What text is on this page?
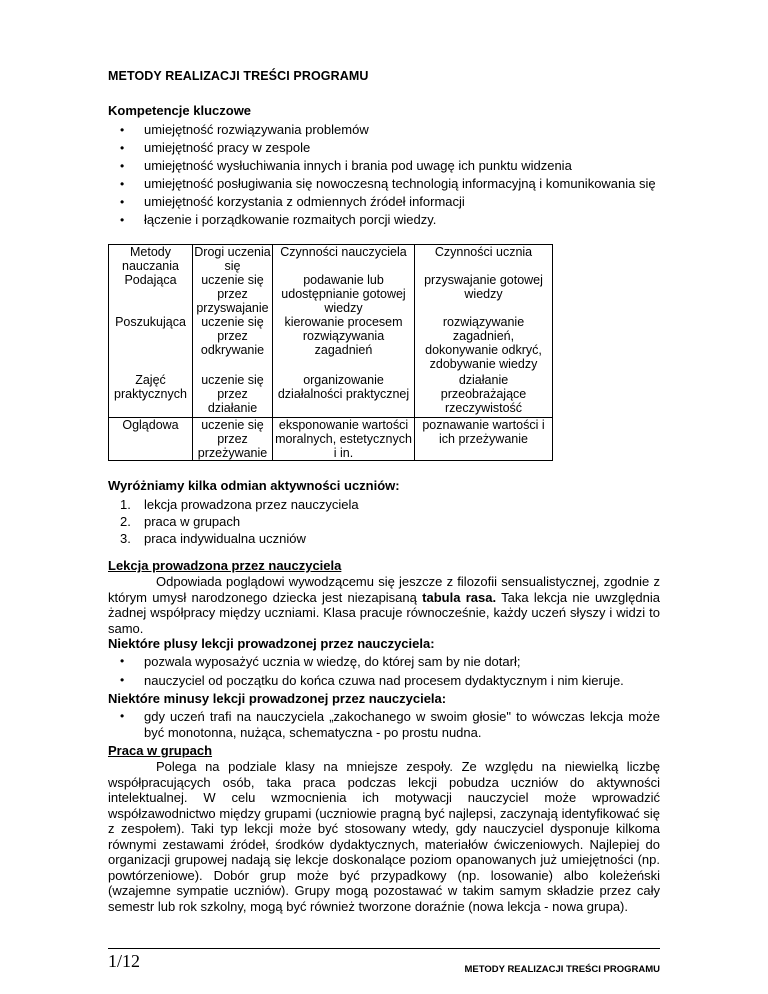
METODY REALIZACJI TREŚCI PROGRAMU
Kompetencje kluczowe
• umiejętność rozwiązywania problemów
• umiejętność pracy w zespole
• umiejętność wysłuchiwania innych i brania pod uwagę ich punktu widzenia
• umiejętność posługiwania się nowoczesną technologią informacyjną i komunikowania się
• umiejętność korzystania z odmiennych źródeł informacji
• łączenie i porządkowanie rozmaitych porcji wiedzy.
Metody nauczania	Drogi uczenia się	Czynności nauczyciela	Czynności ucznia
Podająca	uczenie się przez przyswajanie	podawanie lub udostępnianie gotowej wiedzy	przyswajanie gotowej wiedzy
Poszukująca	uczenie się przez odkrywanie	kierowanie procesem rozwiązywania zagadnień	rozwiązywanie zagadnień, dokonywanie odkryć, zdobywanie wiedzy
Zajęć praktycznych	uczenie się przez działanie	organizowanie działalności praktycznej	działanie przeobrażające rzeczywistość
Oglądowa	uczenie się przez przeżywanie	eksponowanie wartości moralnych, estetycznych i in.	poznawanie wartości i ich przeżywanie
Wyróżniamy kilka odmian aktywności uczniów:
1. lekcja prowadzona przez nauczyciela
2. praca w grupach
3. praca indywidualna uczniów
Lekcja prowadzona przez nauczyciela

Odpowiada poglądowi wywodzącemu się jeszcze z filozofii sensualistycznej, zgodnie z którym umysł narodzonego dziecka jest niezapisaną tabula rasa. Taka lekcja nie uwzględnia żadnej współpracy między uczniami. Klasa pracuje równocześnie, każdy uczeń słyszy i widzi to samo.

Niektóre plusy lekcji prowadzonej przez nauczyciela:
• pozwala wyposażyć ucznia w wiedzę, do której sam by nie dotarł;
• nauczyciel od początku do końca czuwa nad procesem dydaktycznym i nim kieruje.
Niektóre minusy lekcji prowadzonej przez nauczyciela:
• gdy uczeń trafi na nauczyciela „zakochanego w swoim głosie" to wówczas lekcja może być monotonna, nużąca, schematyczna - po prostu nudna.
Praca w grupach

Polega na podziale klasy na mniejsze zespoły. Ze względu na niewielką liczbę współpracujących osób, taka praca podczas lekcji pobudza uczniów do aktywności intelektualnej. W celu wzmocnienia ich motywacji nauczyciel może wprowadzić współzawodnictwo między grupami (uczniowie pragną być najlepsi, zaczynają identyfikować się z zespołem). Taki typ lekcji może być stosowany wtedy, gdy nauczyciel dysponuje kilkoma równymi zestawami źródeł, środków dydaktycznych, materiałów ćwiczeniowych. Najlepiej do organizacji grupowej nadają się lekcje doskonalące poziom opanowanych już umiejętności (np. powtórzeniowe). Dobór grup może być przypadkowy (np. losowanie) albo koleżeński (wzajemne sympatie uczniów). Grupy mogą pozostawać w takim samym składzie przez cały semestr lub rok szkolny, mogą być również tworzone doraźnie (nowa lekcja - nowa grupa).

1/12	METODY REALIZACJI TREŚCI PROGRAMU
